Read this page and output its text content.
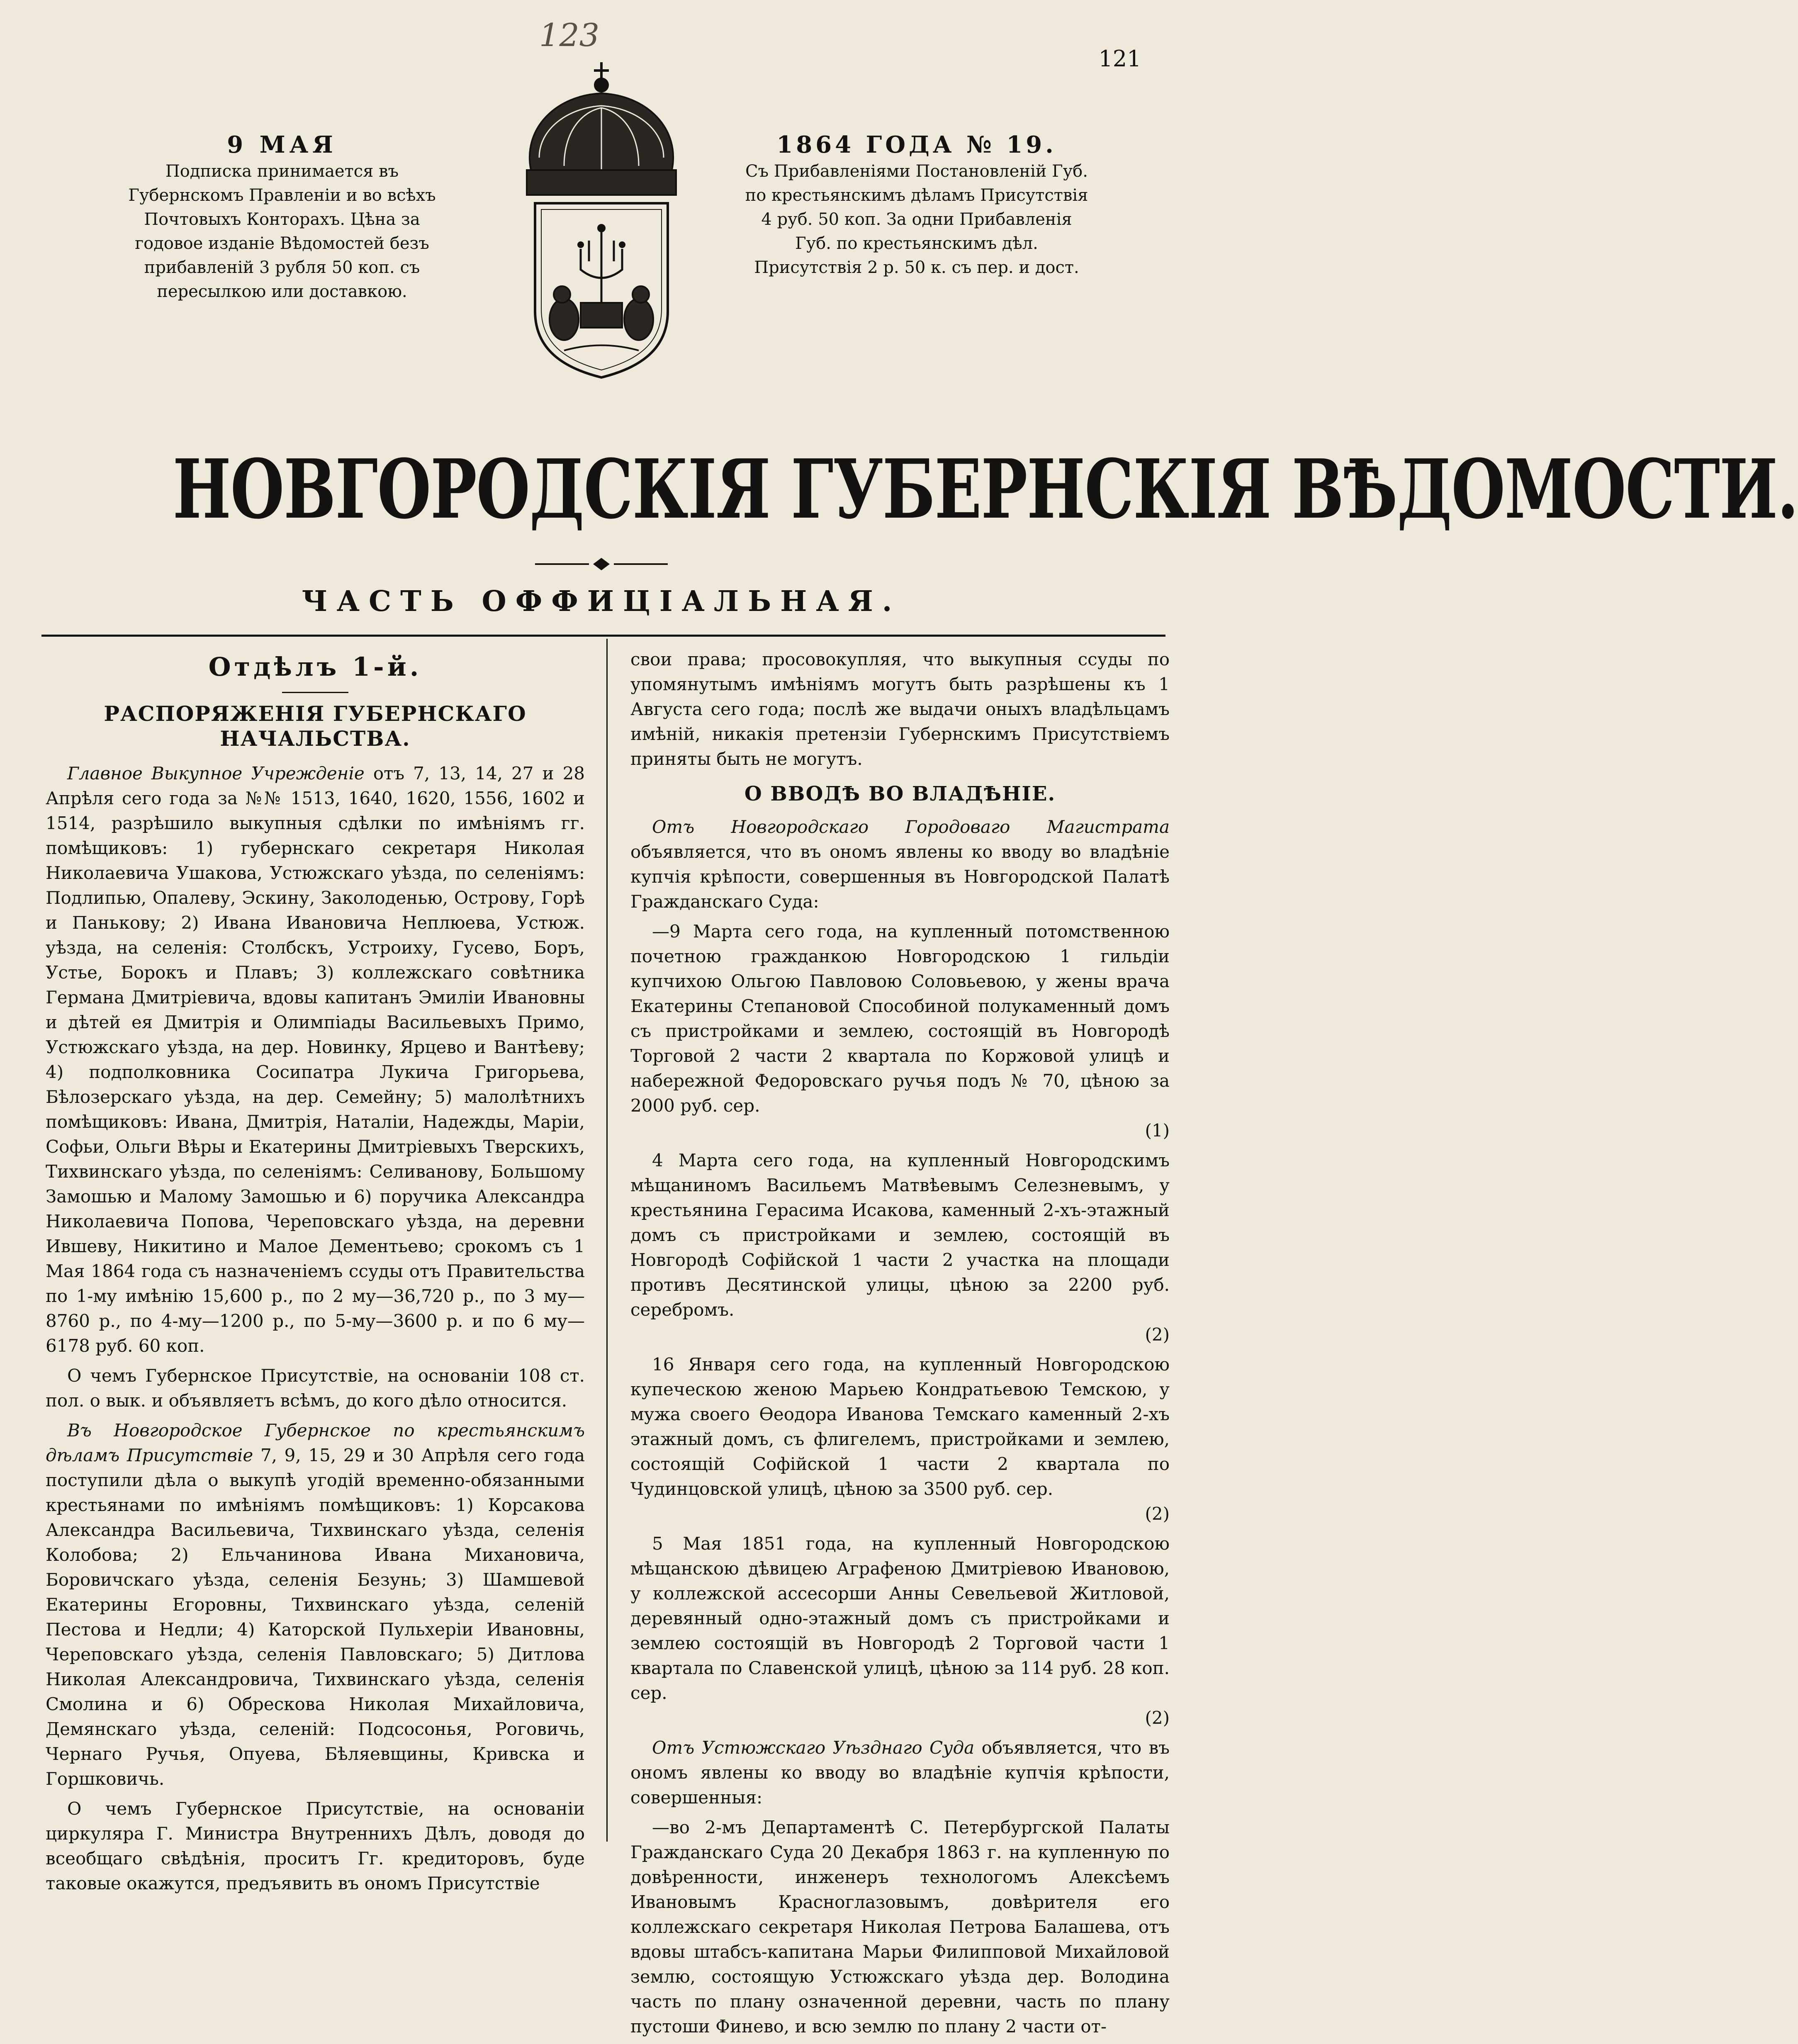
121
123
9 МАЯ
Подписка принимается въ Губернскомъ Правленіи и во всѣхъ Почтовыхъ Конторахъ. Цѣна за годовое изданіе Вѣдомостей безъ прибавленій 3 рубля 50 коп. съ пересылкою или доставкою.
1864 ГОДА № 19.
Съ Прибавленіями Постановленій Губ. по крестьянскимъ дѣламъ Присутствія 4 руб. 50 коп. За одни Прибавленія Губ. по крестьянскимъ дѣл. Присутствія 2 р. 50 к. съ пер. и дост.
НОВГОРОДСКІЯ ГУБЕРНСКІЯ ВѢДОМОСТИ.
ЧАСТЬ ОФФИЦІАЛЬНАЯ.
Отдѣлъ 1-й.
РАСПОРЯЖЕНІЯ ГУБЕРНСКАГО НАЧАЛЬСТВА.

Главное Выкупное Учрежденіе отъ 7, 13, 14, 27 и 28 Апрѣля сего года за №№ 1513, 1640, 1620, 1556, 1602 и 1514, разрѣшило выкупныя сдѣлки по имѣніямъ гг. помѣщиковъ: 1) губернскаго секретаря Николая Николаевича Ушакова, Устюжскаго уѣзда, по селеніямъ: Подлипью, Опалеву, Эскину, Заколоденью, Острову, Горѣ и Панькову; 2) Ивана Ивановича Неплюева, Устюж. уѣзда, на селенія: Столбскъ, Устроиху, Гусево, Боръ, Устье, Борокъ и Плавъ; 3) коллежскаго совѣтника Германа Дмитріевича, вдовы капитанъ Эмиліи Ивановны и дѣтей ея Дмитрія и Олимпіады Васильевыхъ Примо, Устюжскаго уѣзда, на дер. Новинку, Ярцево и Вантѣеву; 4) подполковника Сосипатра Лукича Григорьева, Бѣлозерскаго уѣзда, на дер. Семейну; 5) малолѣтнихъ помѣщиковъ: Ивана, Дмитрія, Наталіи, Надежды, Маріи, Софьи, Ольги Вѣры и Екатерины Дмитріевыхъ Тверскихъ, Тихвинскаго уѣзда, по селеніямъ: Селиванову, Большому Замошью и Малому Замошью и 6) поручика Александра Николаевича Попова, Череповскаго уѣзда, на деревни Ившеву, Никитино и Малое Дементьево; срокомъ съ 1 Мая 1864 года съ назначеніемъ ссуды отъ Правительства по 1-му имѣнію 15,600 р., по 2 му—36,720 р., по 3 му—8760 р., по 4-му—1200 р., по 5-му—3600 р. и по 6 му—6178 руб. 60 коп.

О чемъ Губернское Присутствіе, на основаніи 108 ст. пол. о вык. и объявляетъ всѣмъ, до кого дѣло относится.

Въ Новгородское Губернское по крестьянскимъ дѣламъ Присутствіе 7, 9, 15, 29 и 30 Апрѣля сего года поступили дѣла о выкупѣ угодій временно-обязанными крестьянами по имѣніямъ помѣщиковъ: 1) Корсакова Александра Васильевича, Тихвинскаго уѣзда, селенія Колобова; 2) Ельчанинова Ивана Михановича, Боровичскаго уѣзда, селенія Безунь; 3) Шамшевой Екатерины Егоровны, Тихвинскаго уѣзда, селеній Пестова и Недли; 4) Каторской Пульхеріи Ивановны, Череповскаго уѣзда, селенія Павловскаго; 5) Дитлова Николая Александровича, Тихвинскаго уѣзда, селенія Смолина и 6) Обрескова Николая Михайловича, Демянскаго уѣзда, селеній: Подсосонья, Роговичь, Чернаго Ручья, Опуева, Бѣляевщины, Кривска и Горшковичь.

О чемъ Губернское Присутствіе, на основаніи циркуляра Г. Министра Внутреннихъ Дѣлъ, доводя до всеобщаго свѣдѣнія, проситъ Гг. кредиторовъ, буде таковые окажутся, предъявить въ ономъ Присутствіе

свои права; просовокупляя, что выкупныя ссуды по упомянутымъ имѣніямъ могутъ быть разрѣшены къ 1 Августа сего года; послѣ же выдачи оныхъ владѣльцамъ имѣній, никакія претензіи Губернскимъ Присутствіемъ приняты быть не могутъ.

О ВВОДѢ ВО ВЛАДѢНІЕ.

Отъ Новгородскаго Городоваго Магистрата объявляется, что въ ономъ явлены ко вводу во владѣніе купчія крѣпости, совершенныя въ Новгородской Палатѣ Гражданскаго Суда:

—9 Марта сего года, на купленный потомственною почетною гражданкою Новгородскою 1 гильдіи купчихою Ольгою Павловою Соловьевою, у жены врача Екатерины Степановой Способиной полукаменный домъ съ пристройками и землею, состоящій въ Новгородѣ Торговой 2 части 2 квартала по Коржовой улицѣ и набережной Федоровскаго ручья подъ № 70, цѣною за 2000 руб. сер.
(1)

4 Марта сего года, на купленный Новгородскимъ мѣщаниномъ Васильемъ Матвѣевымъ Селезневымъ, у крестьянина Герасима Исакова, каменный 2-хъ-этажный домъ съ пристройками и землею, состоящій въ Новгородѣ Софійской 1 части 2 участка на площади противъ Десятинской улицы, цѣною за 2200 руб. серебромъ.
(2)

16 Января сего года, на купленный Новгородскою купеческою женою Марьею Кондратьевою Темскою, у мужа своего Ѳеодора Иванова Темскаго каменный 2-хъ этажный домъ, съ флигелемъ, пристройками и землею, состоящій Софійской 1 части 2 квартала по Чудинцовской улицѣ, цѣною за 3500 руб. сер.
(2)

5 Мая 1851 года, на купленный Новгородскою мѣщанскою дѣвицею Аграфеною Дмитріевою Ивановою, у коллежской ассесорши Анны Севельевой Житловой, деревянный одно-этажный домъ съ пристройками и землею состоящій въ Новгородѣ 2 Торговой части 1 квартала по Славенской улицѣ, цѣною за 114 руб. 28 коп. сер.
(2)

Отъ Устюжскаго Уѣзднаго Суда объявляется, что въ ономъ явлены ко вводу во владѣніе купчія крѣпости, совершенныя:

—во 2-мъ Департаментѣ С. Петербургской Палаты Гражданскаго Суда 20 Декабря 1863 г. на купленную по довѣренности, инженеръ технологомъ Алексѣемъ Ивановымъ Красноглазовымъ, довѣрителя его коллежскаго секретаря Николая Петрова Балашева, отъ вдовы штабсъ-капитана Марьи Филипповой Михайловой землю, состоящую Устюжскаго уѣзда дер. Володина часть по плану означенной деревни, часть по плану пустоши Финево, и всю землю по плану 2 части от-
